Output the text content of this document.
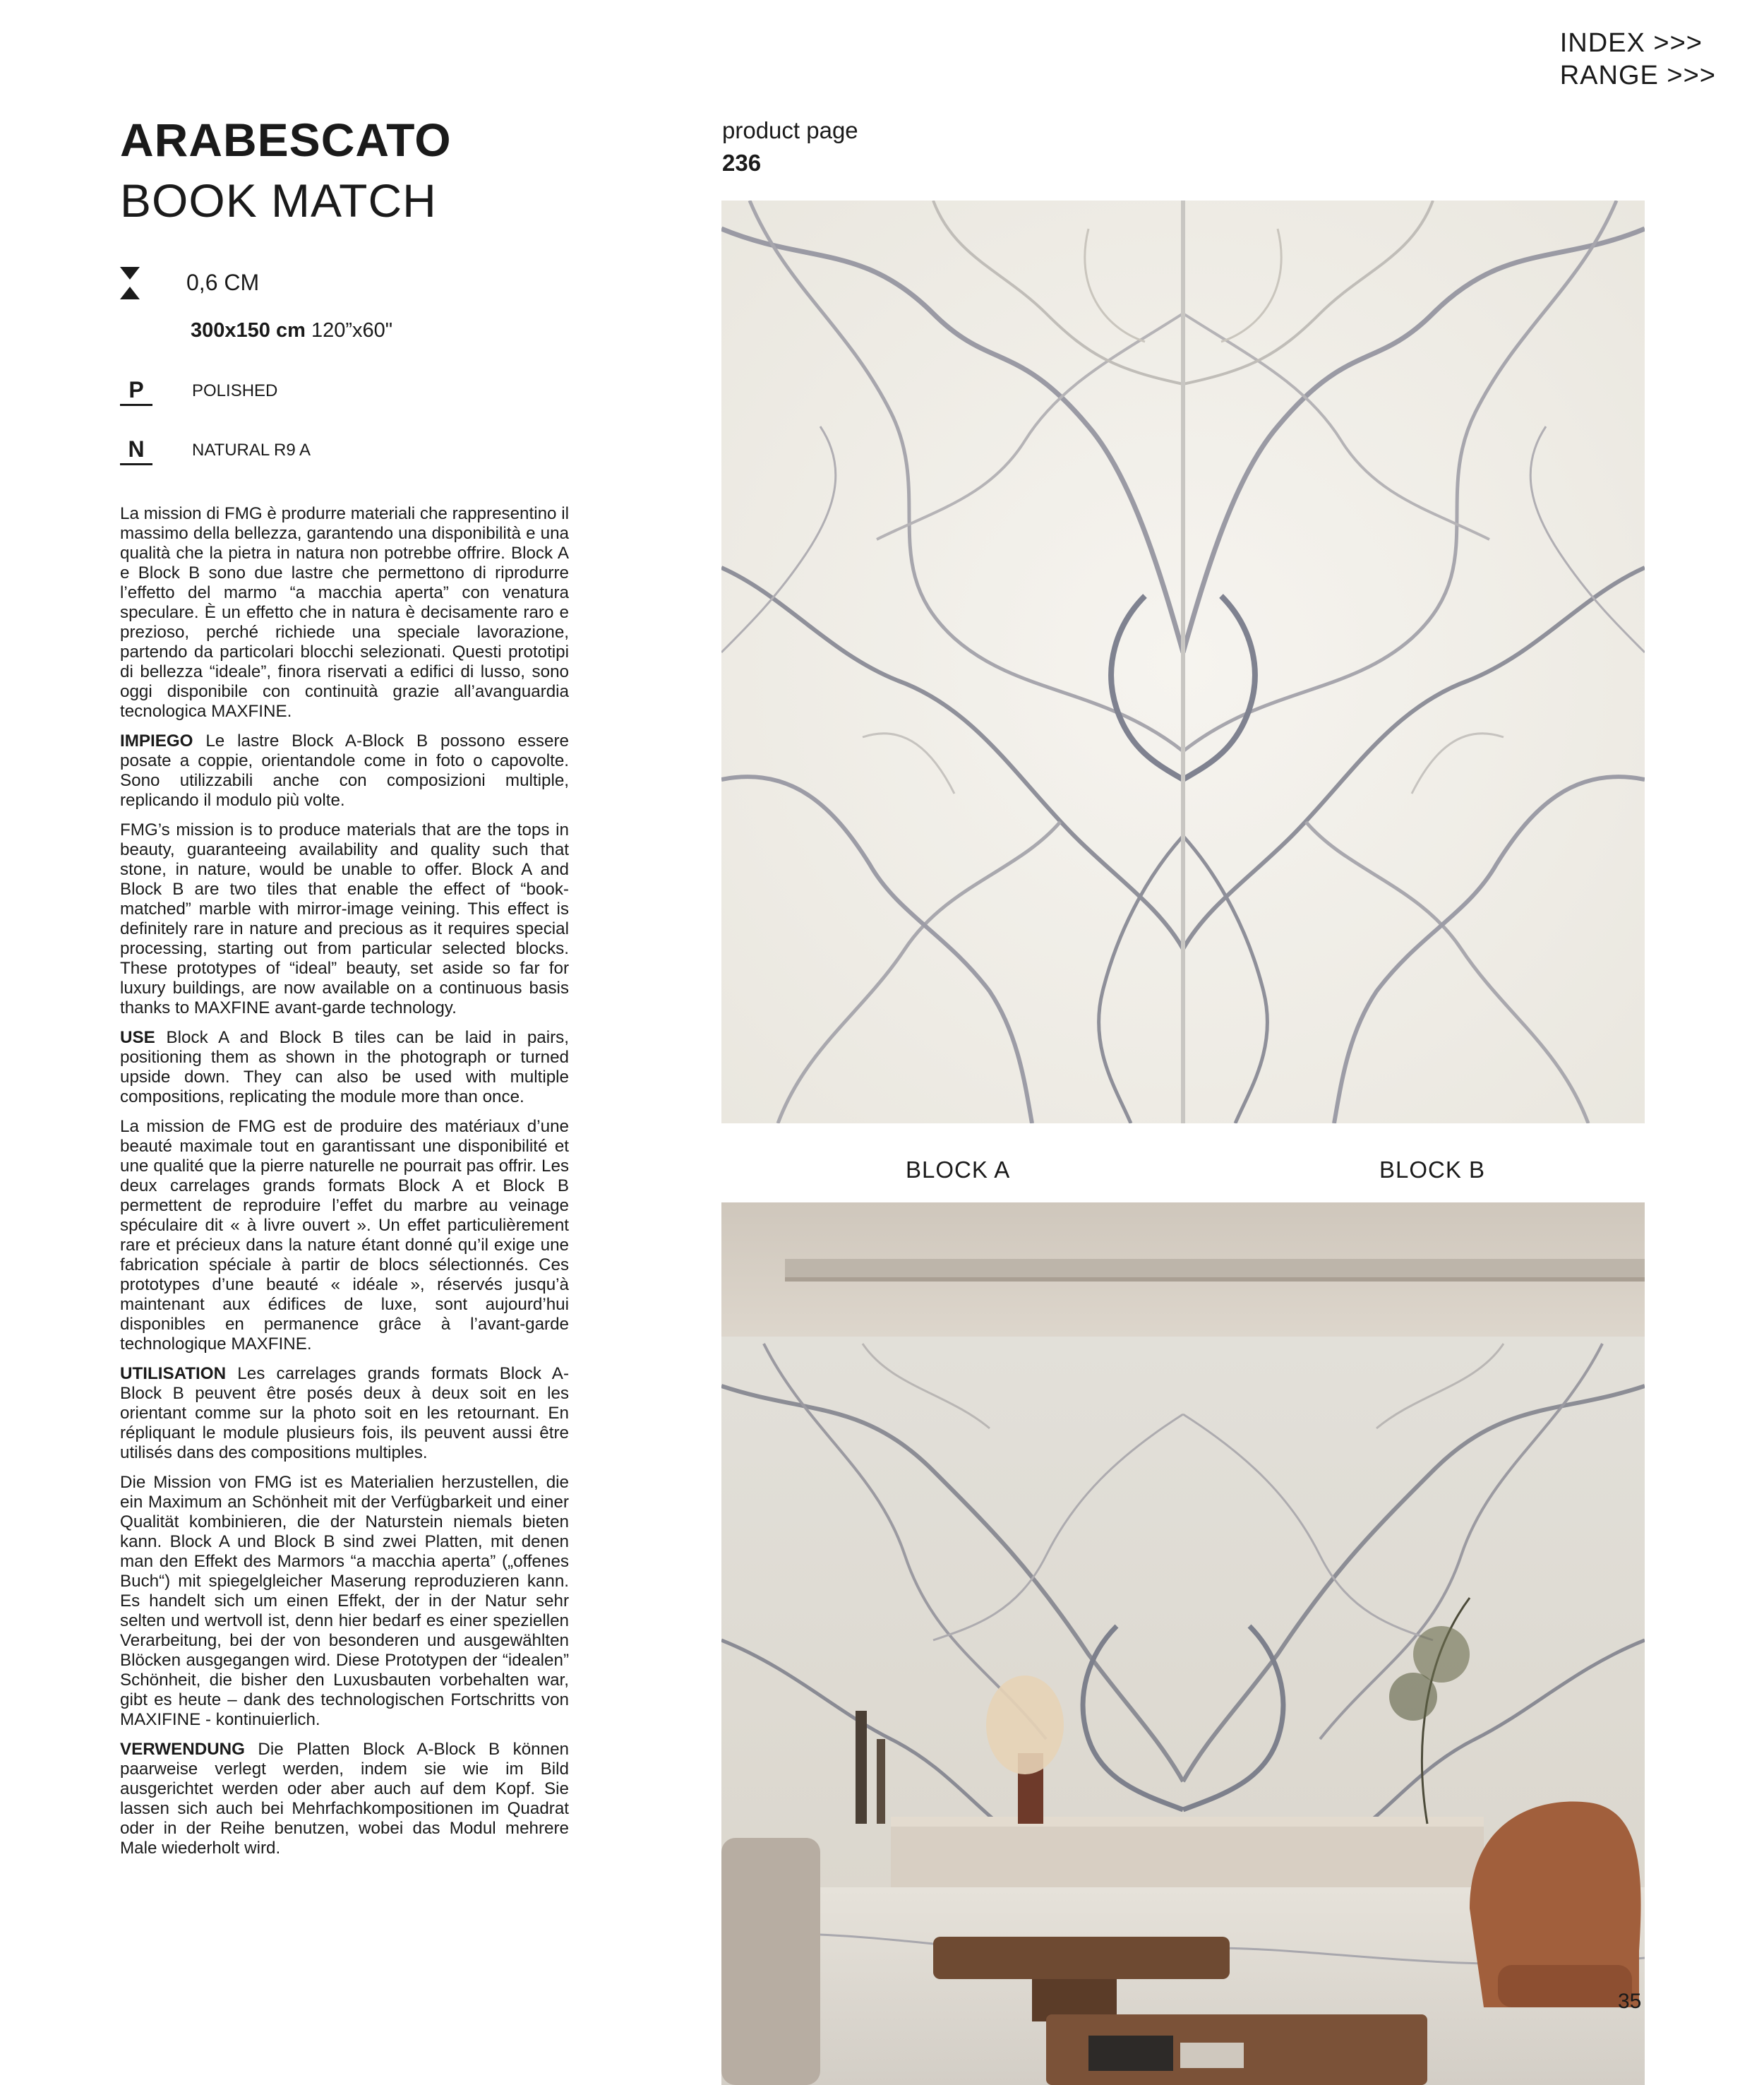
INDEX >>>
RANGE >>>
ARABESCATO
BOOK MATCH
0,6 CM
300x150 cm 120”x60"
P	POLISHED
N	NATURAL R9 A

La mission di FMG è produrre materiali che rappresentino il massimo della bellezza, garantendo una disponibilità e una qualità che la pietra in natura non potrebbe offrire. Block A e Block B sono due lastre che permettono di riprodurre l’effetto del marmo “a macchia aperta” con venatura speculare. È un effetto che in natura è decisamente raro e prezioso, perché richiede una speciale lavorazione, partendo da particolari blocchi selezionati. Questi prototipi di bellezza “ideale”, finora riservati a edifici di lusso, sono oggi disponibile con continuità grazie all’avanguardia tecnologica MAXFINE.

IMPIEGO Le lastre Block A-Block B possono essere posate a coppie, orientandole come in foto o capovolte. Sono utilizzabili anche con composizioni multiple, replicando il modulo più volte.

FMG’s mission is to produce materials that are the tops in beauty, guaranteeing availability and quality such that stone, in nature, would be unable to offer. Block A and Block B are two tiles that enable the effect of “book-matched” marble with mirror-image veining. This effect is definitely rare in nature and precious as it requires special processing, starting out from particular selected blocks. These prototypes of “ideal” beauty, set aside so far for luxury buildings, are now available on a continuous basis thanks to MAXFINE avant-garde technology.

USE Block A and Block B tiles can be laid in pairs, positioning them as shown in the photograph or turned upside down. They can also be used with multiple compositions, replicating the module more than once.

La mission de FMG est de produire des matériaux d’une beauté maximale tout en garantissant une disponibilité et une qualité que la pierre naturelle ne pourrait pas offrir. Les deux carrelages grands formats Block A et Block B permettent de reproduire l’effet du marbre au veinage spéculaire dit « à livre ouvert ». Un effet particulièrement rare et précieux dans la nature étant donné qu’il exige une fabrication spéciale à partir de blocs sélectionnés. Ces prototypes d’une beauté « idéale », réservés jusqu’à maintenant aux édifices de luxe, sont aujourd’hui disponibles en permanence grâce à l’avant-garde technologique MAXFINE.

UTILISATION Les carrelages grands formats Block A-Block B peuvent être posés deux à deux soit en les orientant comme sur la photo soit en les retournant. En répliquant le module plusieurs fois, ils peuvent aussi être utilisés dans des compositions multiples.

Die Mission von FMG ist es Materialien herzustellen, die ein Maximum an Schönheit mit der Verfügbarkeit und einer Qualität kombinieren, die der Naturstein niemals bieten kann. Block A und Block B sind zwei Platten, mit denen man den Effekt des Marmors “a macchia aperta” („offenes Buch“) mit spiegelgleicher Maserung reproduzieren kann. Es handelt sich um einen Effekt, der in der Natur sehr selten und wertvoll ist, denn hier bedarf es einer speziellen Verarbeitung, bei der von besonderen und ausgewählten Blöcken ausgegangen wird. Diese Prototypen der “idealen” Schönheit, die bisher den Luxusbauten vorbehalten war, gibt es heute – dank des technologischen Fortschritts von MAXIFINE - kontinuierlich.

VERWENDUNG Die Platten Block A-Block B können paarweise verlegt werden, indem sie wie im Bild ausgerichtet werden oder aber auch auf dem Kopf. Sie lassen sich auch bei Mehrfachkompositionen im Quadrat oder in der Reihe benutzen, wobei das Modul mehrere Male wiederholt wird.

product page
236
BLOCK A	BLOCK B
35
